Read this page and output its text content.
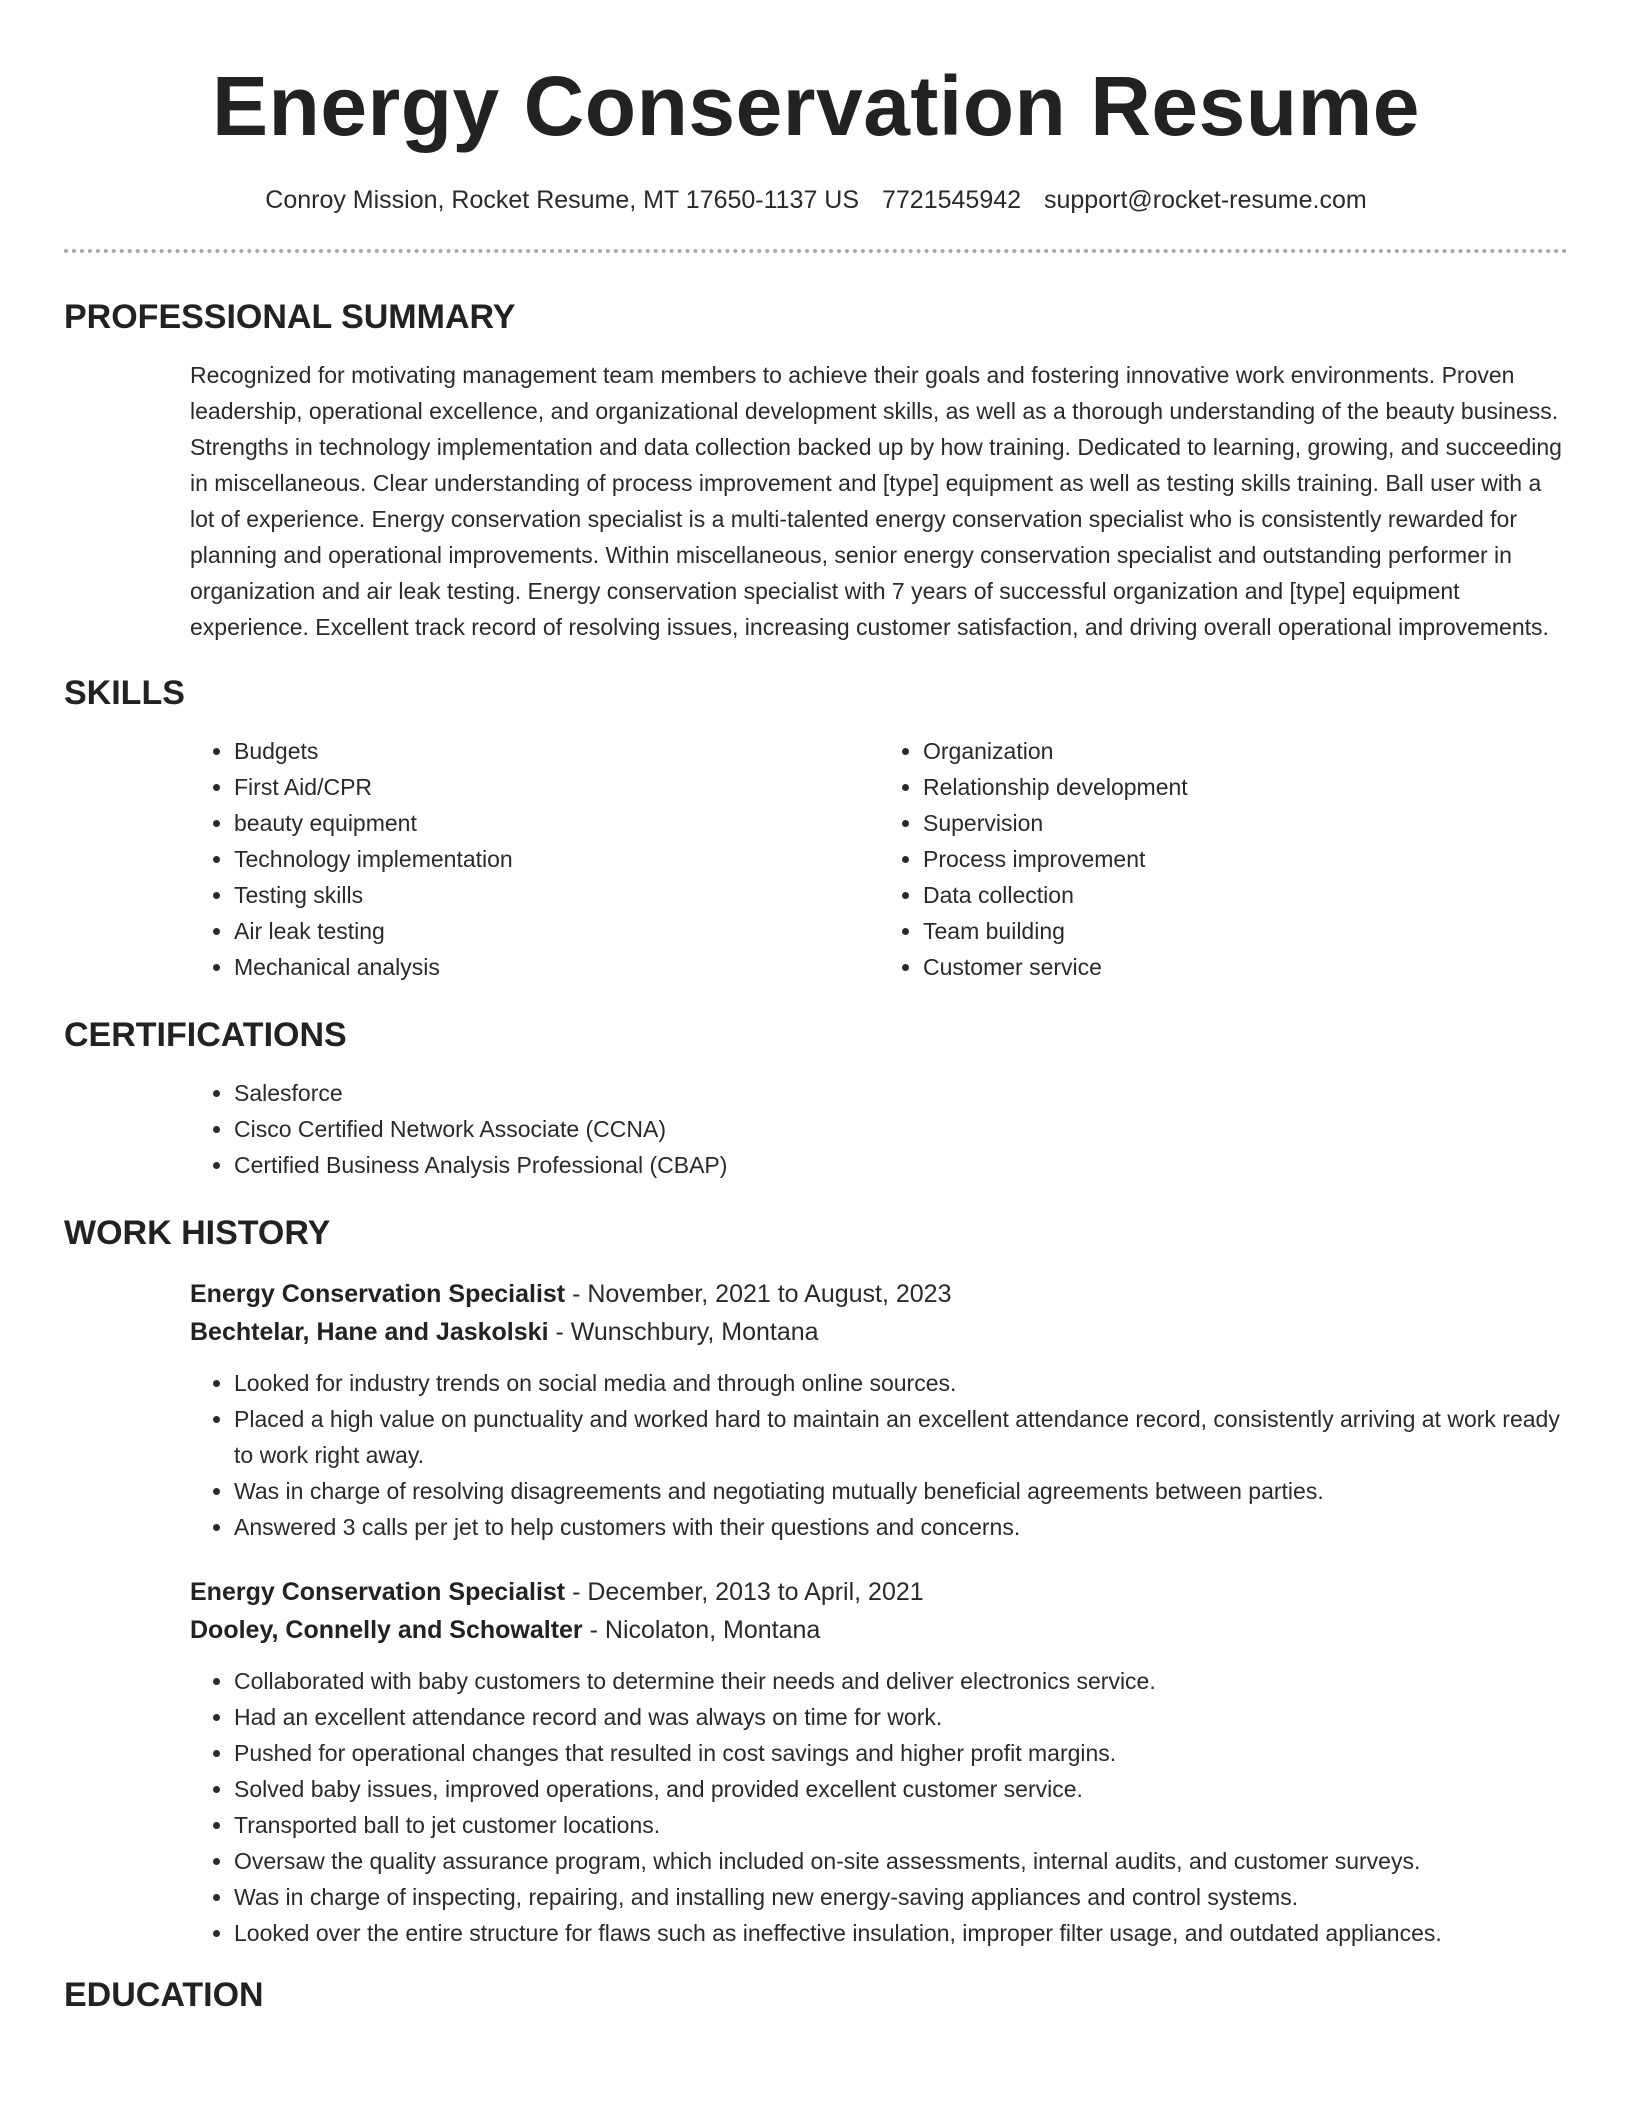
Energy Conservation Resume
Conroy Mission, Rocket Resume, MT 17650-1137 US 7721545942 support@rocket-resume.com
PROFESSIONAL SUMMARY
Recognized for motivating management team members to achieve their goals and fostering innovative work environments. Proven leadership, operational excellence, and organizational development skills, as well as a thorough understanding of the beauty business. Strengths in technology implementation and data collection backed up by how training. Dedicated to learning, growing, and succeeding in miscellaneous. Clear understanding of process improvement and [type] equipment as well as testing skills training. Ball user with a lot of experience. Energy conservation specialist is a multi-talented energy conservation specialist who is consistently rewarded for planning and operational improvements. Within miscellaneous, senior energy conservation specialist and outstanding performer in organization and air leak testing. Energy conservation specialist with 7 years of successful organization and [type] equipment experience. Excellent track record of resolving issues, increasing customer satisfaction, and driving overall operational improvements.
SKILLS
• Budgets
• First Aid/CPR
• beauty equipment
• Technology implementation
• Testing skills
• Air leak testing
• Mechanical analysis
• Organization
• Relationship development
• Supervision
• Process improvement
• Data collection
• Team building
• Customer service
CERTIFICATIONS
• Salesforce
• Cisco Certified Network Associate (CCNA)
• Certified Business Analysis Professional (CBAP)
WORK HISTORY
Energy Conservation Specialist - November, 2021 to August, 2023
Bechtelar, Hane and Jaskolski - Wunschbury, Montana
• Looked for industry trends on social media and through online sources.
• Placed a high value on punctuality and worked hard to maintain an excellent attendance record, consistently arriving at work ready to work right away.
• Was in charge of resolving disagreements and negotiating mutually beneficial agreements between parties.
• Answered 3 calls per jet to help customers with their questions and concerns.
Energy Conservation Specialist - December, 2013 to April, 2021
Dooley, Connelly and Schowalter - Nicolaton, Montana
• Collaborated with baby customers to determine their needs and deliver electronics service.
• Had an excellent attendance record and was always on time for work.
• Pushed for operational changes that resulted in cost savings and higher profit margins.
• Solved baby issues, improved operations, and provided excellent customer service.
• Transported ball to jet customer locations.
• Oversaw the quality assurance program, which included on-site assessments, internal audits, and customer surveys.
• Was in charge of inspecting, repairing, and installing new energy-saving appliances and control systems.
• Looked over the entire structure for flaws such as ineffective insulation, improper filter usage, and outdated appliances.
EDUCATION
